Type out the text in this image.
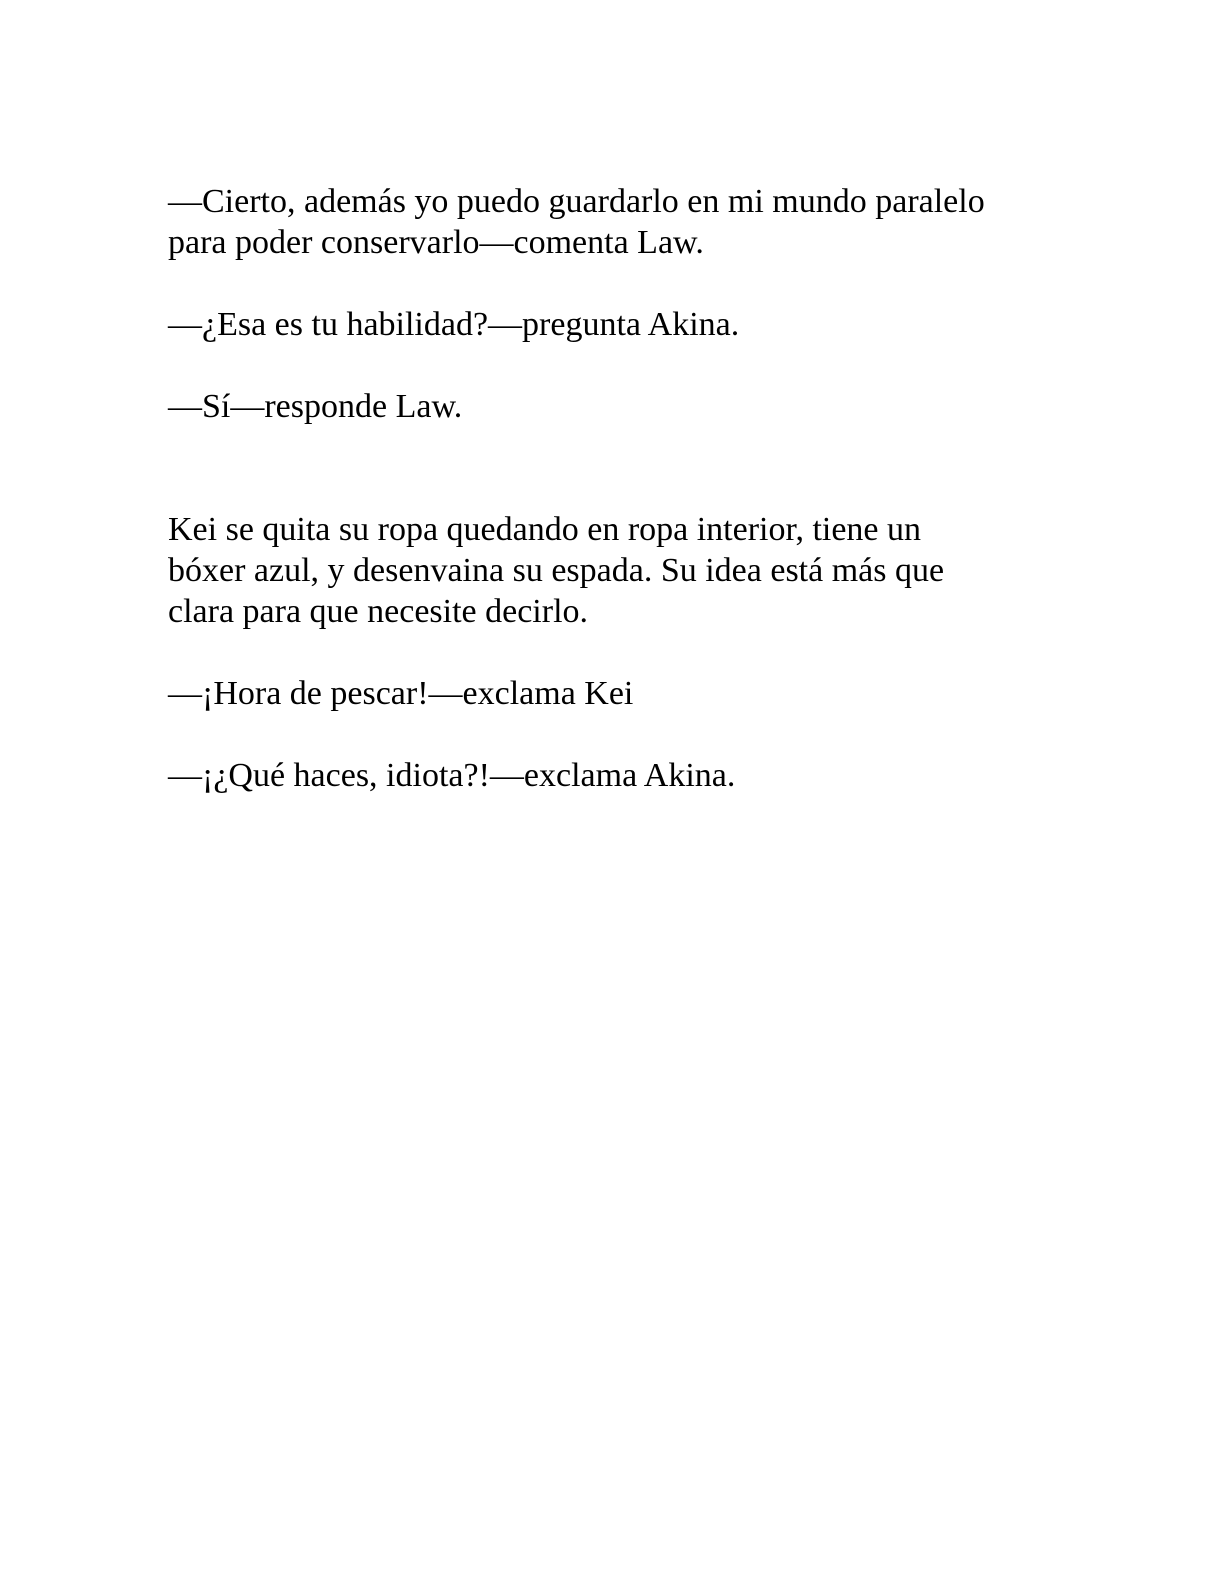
—Cierto, además yo puedo guardarlo en mi mundo paralelo
para poder conservarlo—comenta Law.

—¿Esa es tu habilidad?—pregunta Akina.

—Sí—responde Law.

Kei se quita su ropa quedando en ropa interior, tiene un
bóxer azul, y desenvaina su espada. Su idea está más que
clara para que necesite decirlo.

—¡Hora de pescar!—exclama Kei

—¡¿Qué haces, idiota?!—exclama Akina.
